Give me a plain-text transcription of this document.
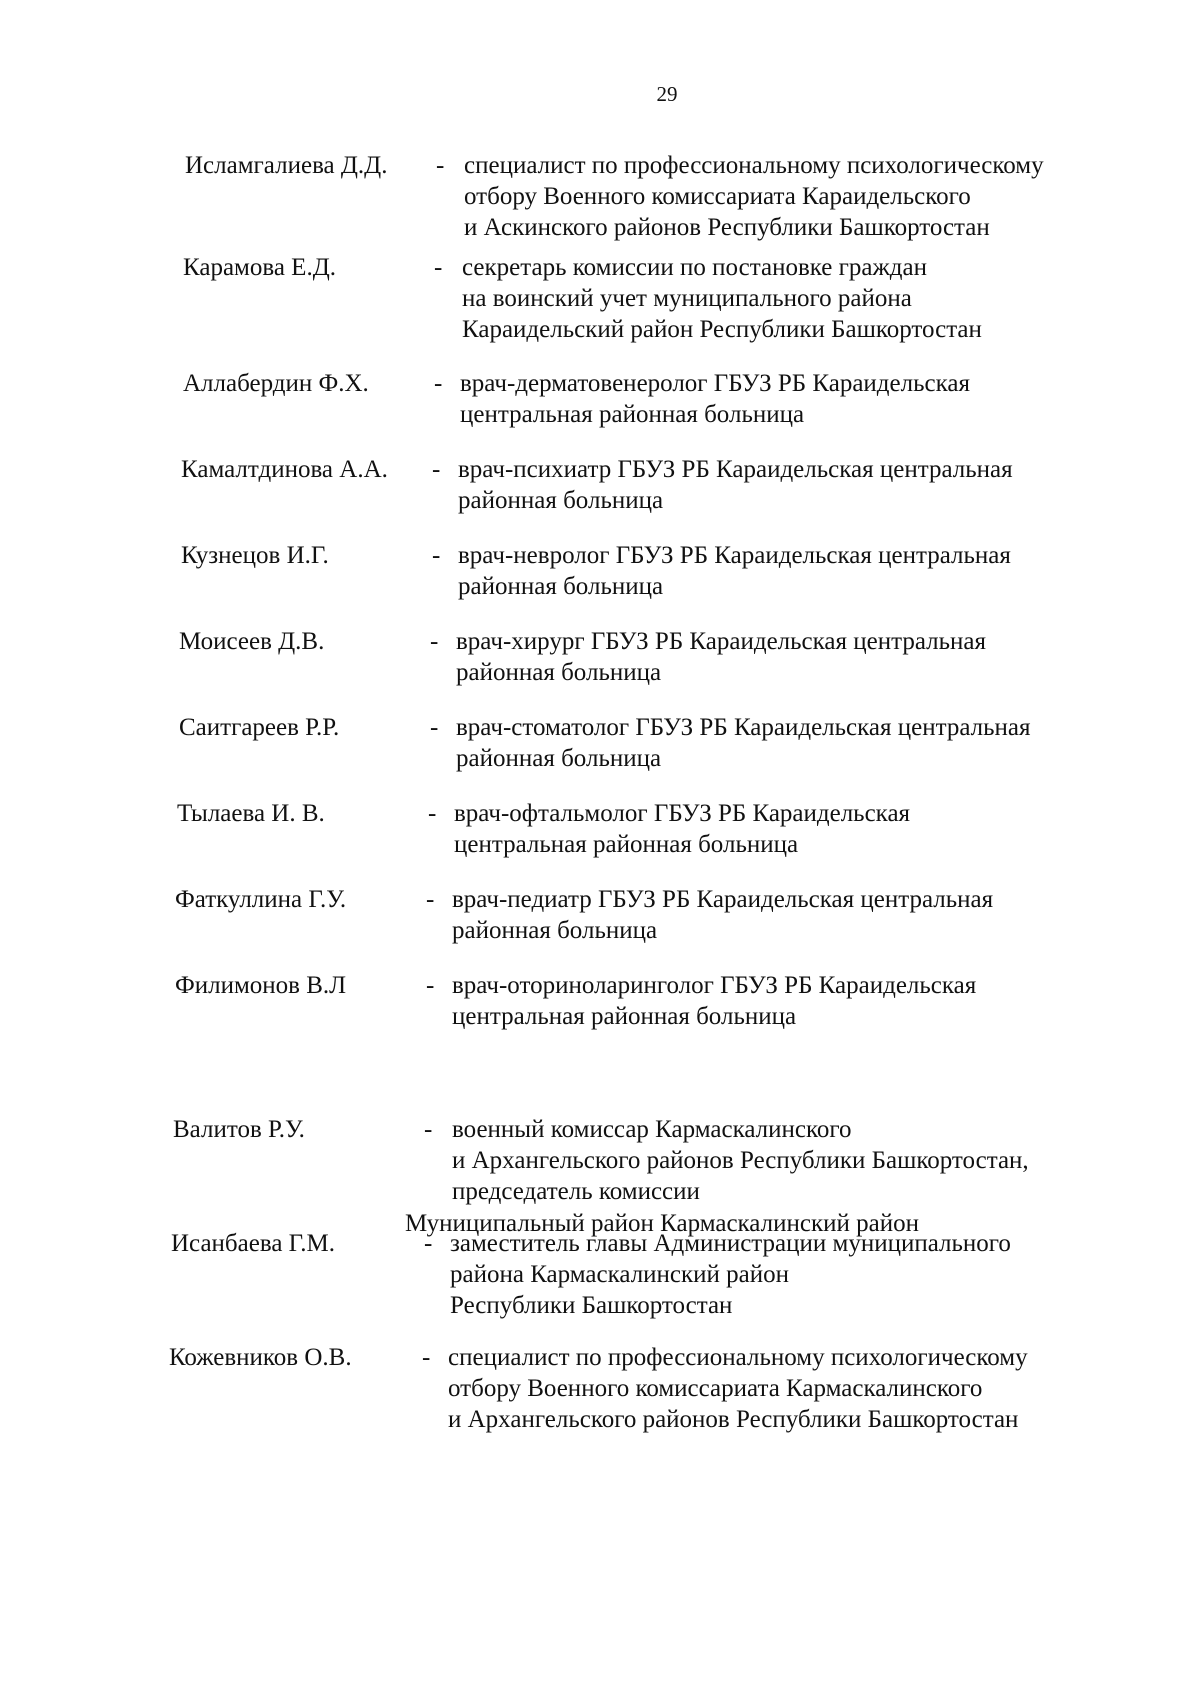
29
Исламгалиева Д.Д. - специалист по профессиональному психологическому
отбору Военного комиссариата Караидельского
и Аскинского районов Республики Башкортостан
Карамова Е.Д.	- секретарь комиссии по постановке граждан
на воинский учет муниципального района
Караидельский район Республики Башкортостан
Аллабердин Ф.Х.	- врач-дерматовенеролог ГБУЗ РБ Караидельская
центральная районная больница
Камалтдинова А.А. - врач-психиатр ГБУЗ РБ Караидельская центральная
районная больница
Кузнецов И.Г.	- врач-невролог ГБУЗ РБ Караидельская центральная
районная больница
Моисеев Д.В.	- врач-хирург ГБУЗ РБ Караидельская центральная
районная больница
Саитгареев Р.Р.	- врач-стоматолог ГБУЗ РБ Караидельская центральная
районная больница
Тылаева И. В.	- врач-офтальмолог ГБУЗ РБ Караидельская
центральная районная больница
Фаткуллина Г.У.	- врач-педиатр ГБУЗ РБ Караидельская центральная
районная больница
Филимонов В.Л	- врач-оториноларинголог ГБУЗ РБ Караидельская
центральная районная больница
Валитов Р.У.	- военный комиссар Кармаскалинского
и Архангельского районов Республики Башкортостан,
председатель комиссии
Исанбаева Г.М.	- заместитель главы Администрации муниципального
района Кармаскалинский район
Республики Башкортостан
Кожевников О.В.	- специалист по профессиональному психологическому
отбору Военного комиссариата Кармаскалинского
и Архангельского районов Республики Башкортостан
Муниципальный район Кармаскалинский район
